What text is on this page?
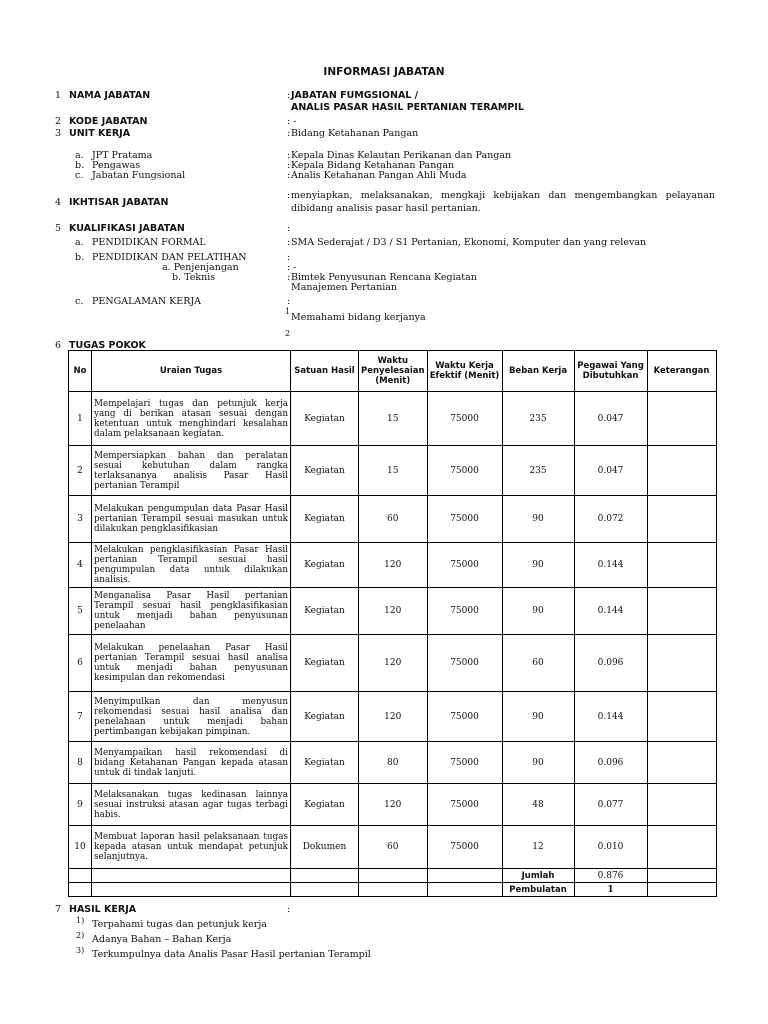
INFORMASI JABATAN
1 NAMA JABATAN	: JABATAN FUMGSIONAL /
ANALIS PASAR HASIL PERTANIAN TERAMPIL
2 KODE JABATAN	: -
3 UNIT KERJA	: Bidang Ketahanan Pangan
a. JPT Pratama	: Kepala Dinas Kelautan Perikanan dan Pangan
b. Pengawas	: Kepala Bidang Ketahanan Pangan
c. Jabatan Fungsional	: Analis Ketahanan Pangan Ahli Muda
4 IKHTISAR JABATAN
: menyiapkan, melaksanakan, mengkaji kebijakan dan mengembangkan pelayanan dibidang analisis pasar hasil pertanian.
5 KUALIFIKASI JABATAN	:
a. PENDIDIKAN FORMAL	: SMA Sederajat / D3 / S1 Pertanian, Ekonomi, Komputer dan yang relevan
b. PENDIDIKAN DAN PELATIHAN	:
a. Penjenjangan	: -
b. Teknis	: Bimtek Penyusunan Rencana Kegiatan
Manajemen Pertanian
c. PENGALAMAN KERJA	:
1
Memahami bidang kerjanya
2
6 TUGAS POKOK
No	Uraian Tugas	Satuan Hasil	Waktu Penyelesaian (Menit)	Waktu Kerja Efektif (Menit)	Beban Kerja	Pegawai Yang Dibutuhkan	Keterangan
1	Mempelajari tugas dan petunjuk kerja yang di berikan atasan sesuai dengan ketentuan untuk menghindari kesalahan dalam pelaksanaan kegiatan.	Kegiatan	15	75000	235	0.047	
2	Mempersiapkan bahan dan peralatan sesuai kebutuhan dalam rangka terlaksananya analisis Pasar Hasil pertanian Terampil	Kegiatan	15	75000	235	0.047	
3	Melakukan pengumpulan data Pasar Hasil pertanian Terampil sesuai masukan untuk dilakukan pengklasifikasian	Kegiatan	60	75000	90	0.072	
4	Melakukan pengklasifikasian Pasar Hasil pertanian Terampil sesuai hasil pengumpulan data untuk dilakukan analisis.	Kegiatan	120	75000	90	0.144	
5	Menganalisa Pasar Hasil pertanian Terampil sesuai hasil pengklasifikasian untuk menjadi bahan penyusunan penelaahan	Kegiatan	120	75000	90	0.144	
6	Melakukan penelaahan Pasar Hasil pertanian Terampil sesuai hasil analisa untuk menjadi bahan penyusunan kesimpulan dan rekomendasi	Kegiatan	120	75000	60	0.096	
7	Menyimpulkan dan menyusun rekomendasi sesuai hasil analisa dan penelahaan untuk menjadi bahan pertimbangan kebijakan pimpinan.	Kegiatan	120	75000	90	0.144	
8	Menyampaikan hasil rekomendasi di bidang Ketahanan Pangan kepada atasan untuk di tindak lanjuti.	Kegiatan	80	75000	90	0.096	
9	Melaksanakan tugas kedinasan lainnya sesuai instruksi atasan agar tugas terbagi habis.	Kegiatan	120	75000	48	0.077	
10	Membuat laporan hasil pelaksanaan tugas kepada atasan untuk mendapat petunjuk selanjutnya.	Dokumen	60	75000	12	0.010	
					Jumlah	0.876	
					Pembulatan	1	
7 HASIL KERJA	:
1) Terpahami tugas dan petunjuk kerja
2) Adanya Bahan – Bahan Kerja
3) Terkumpulnya data Analis Pasar Hasil pertanian Terampil
